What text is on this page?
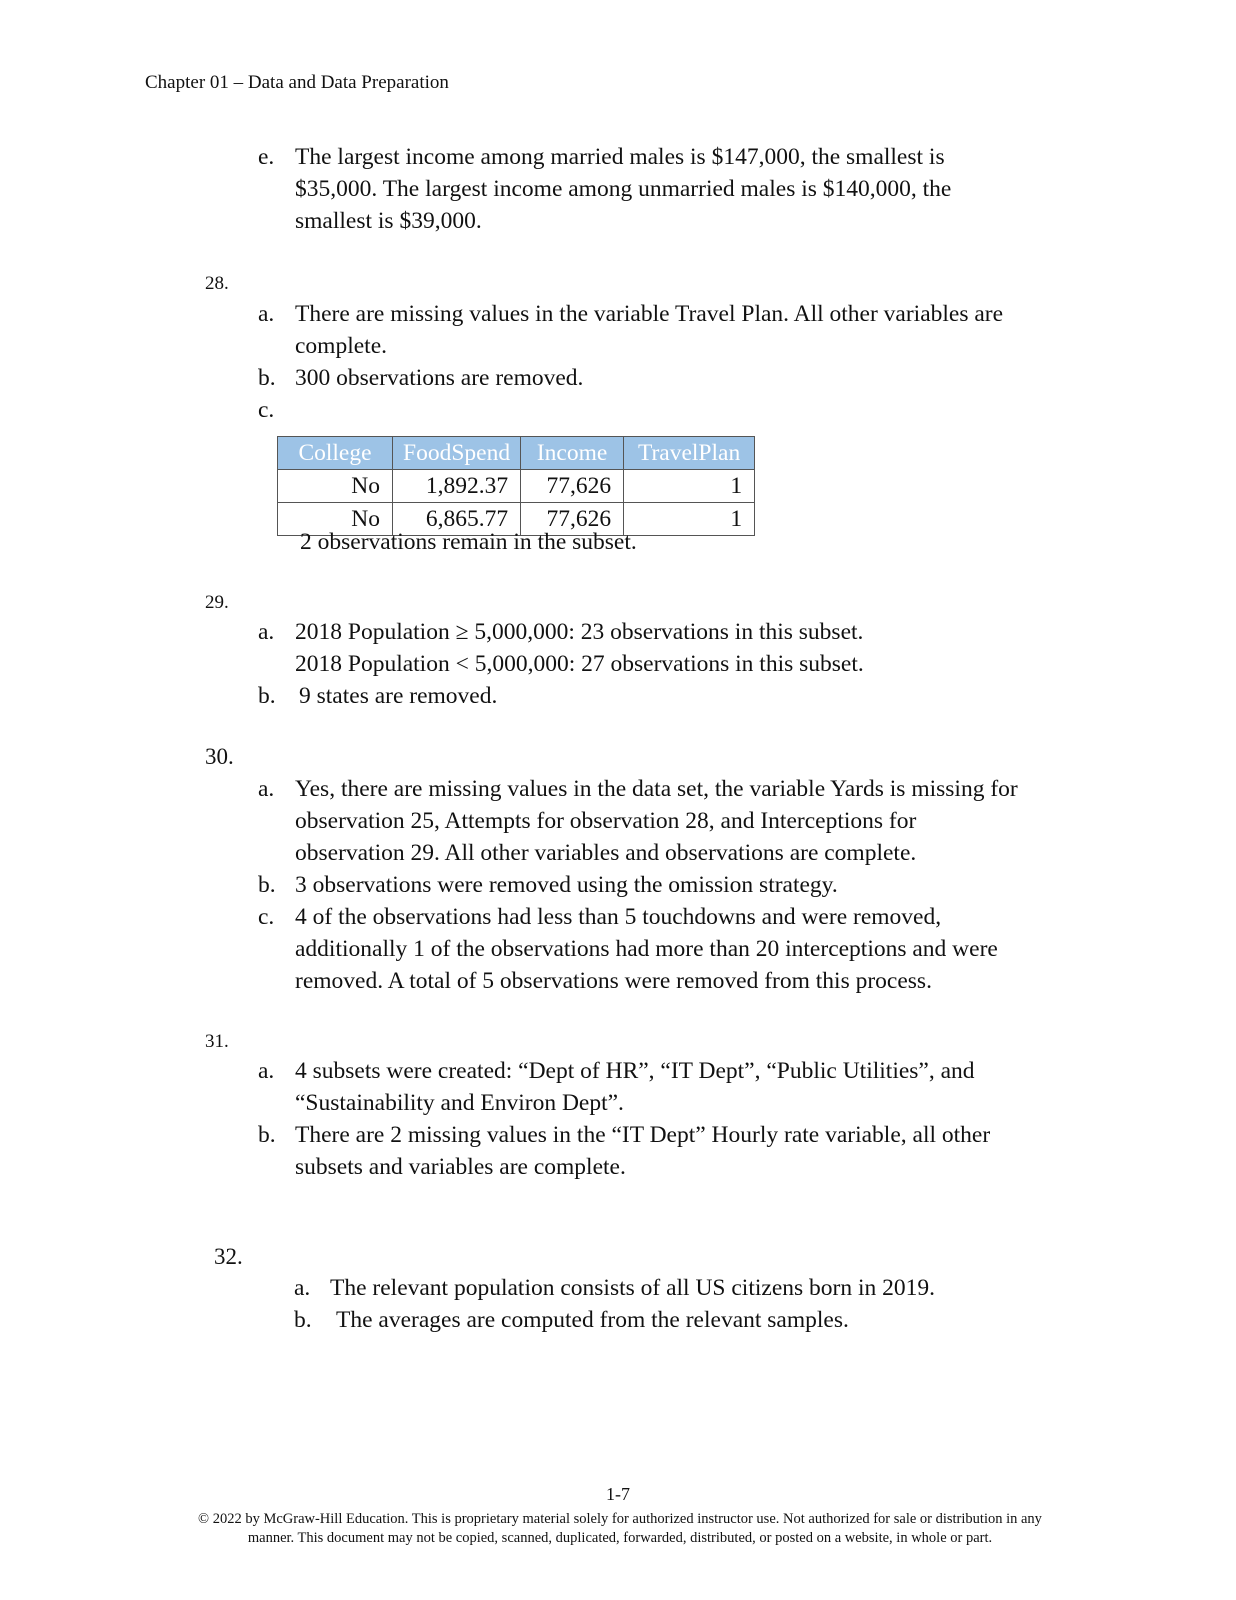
Chapter 01 – Data and Data Preparation
e. The largest income among married males is $147,000, the smallest is
$35,000. The largest income among unmarried males is $140,000, the
smallest is $39,000.
28.
a. There are missing values in the variable Travel Plan. All other variables are
complete.
b. 300 observations are removed.
c.
College	FoodSpend	Income	TravelPlan
No	1,892.37	77,626	1
No	6,865.77	77,626	1
2 observations remain in the subset.
29.
a. 2018 Population ≥ 5,000,000: 23 observations in this subset.
2018 Population < 5,000,000: 27 observations in this subset.
b. 9 states are removed.
30.
a. Yes, there are missing values in the data set, the variable Yards is missing for
observation 25, Attempts for observation 28, and Interceptions for
observation 29. All other variables and observations are complete.
b. 3 observations were removed using the omission strategy.
c. 4 of the observations had less than 5 touchdowns and were removed,
additionally 1 of the observations had more than 20 interceptions and were
removed. A total of 5 observations were removed from this process.
31.
a. 4 subsets were created: “Dept of HR”, “IT Dept”, “Public Utilities”, and
“Sustainability and Environ Dept”.
b. There are 2 missing values in the “IT Dept” Hourly rate variable, all other
subsets and variables are complete.
32.
a. The relevant population consists of all US citizens born in 2019.
b. The averages are computed from the relevant samples.
1-7
© 2022 by McGraw-Hill Education. This is proprietary material solely for authorized instructor use. Not authorized for sale or distribution in any
manner. This document may not be copied, scanned, duplicated, forwarded, distributed, or posted on a website, in whole or part.
